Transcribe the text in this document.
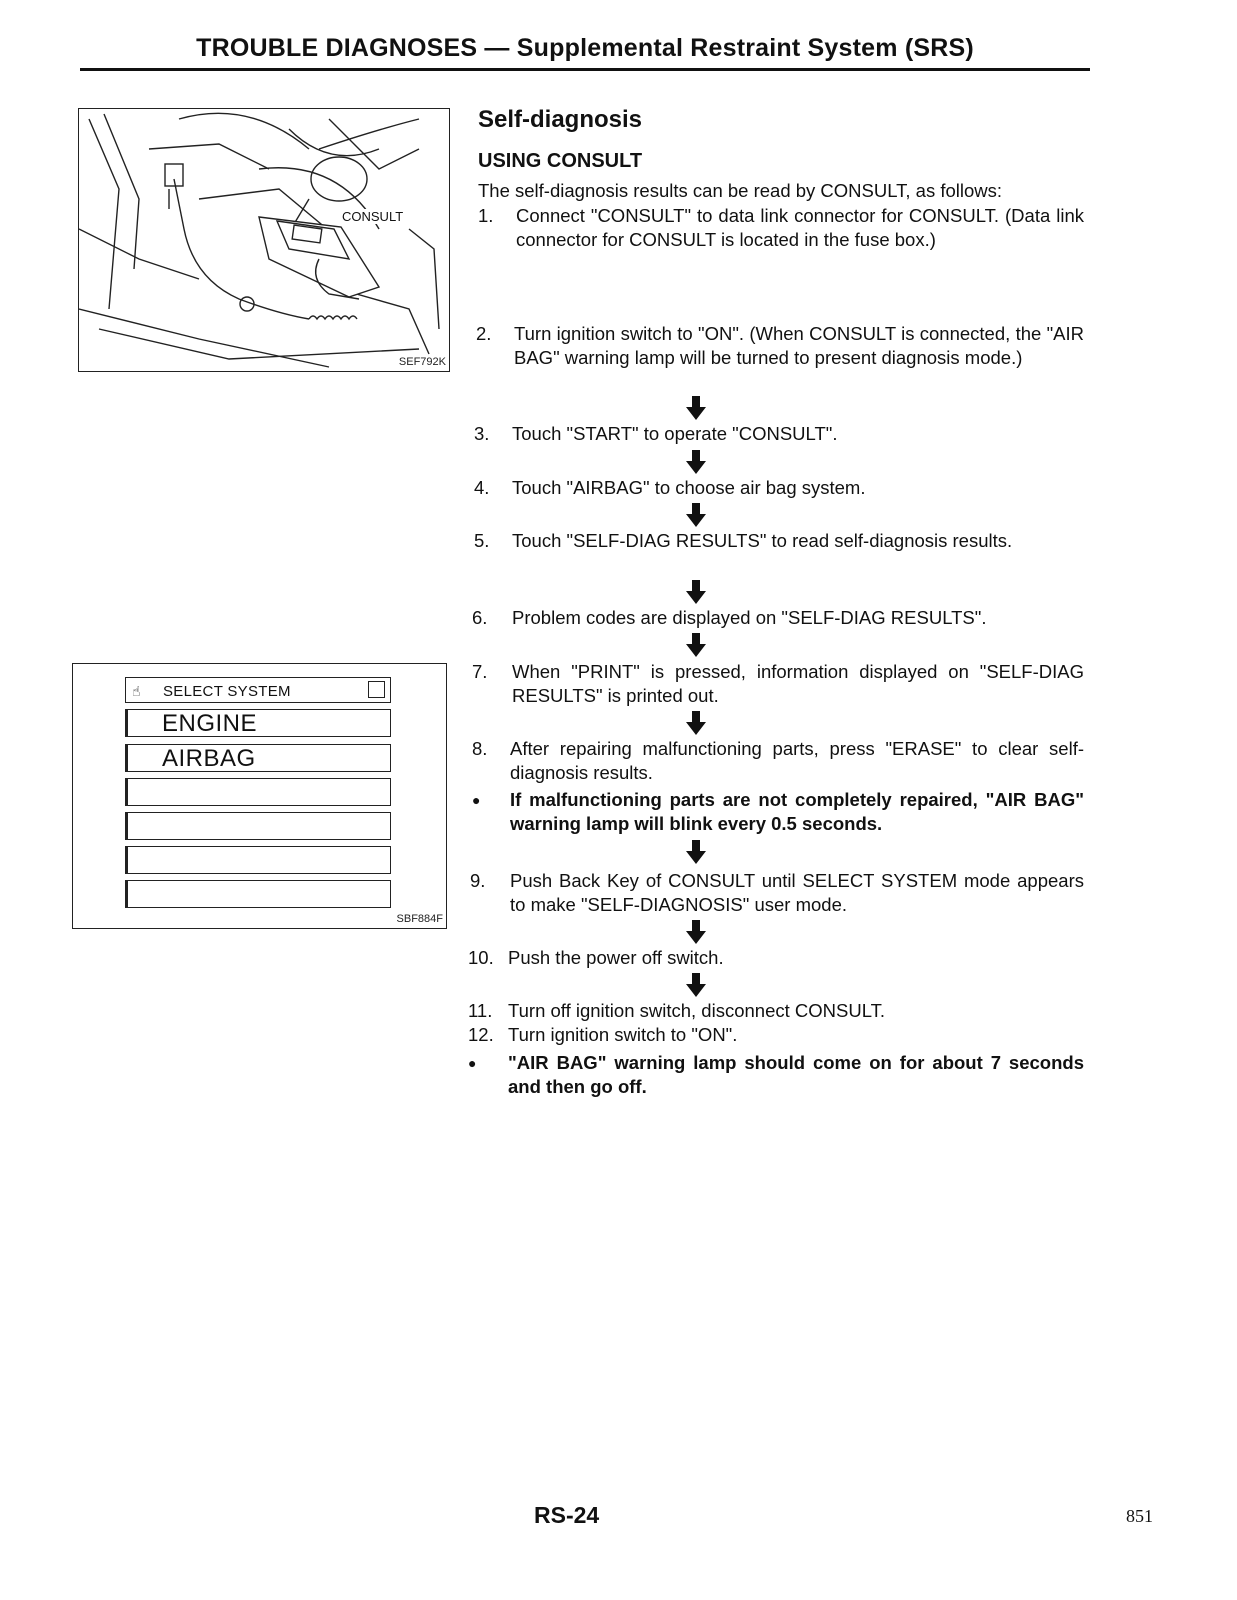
TROUBLE DIAGNOSES — Supplemental Restraint System (SRS)
CONSULT
SEF792K
☝ SELECT SYSTEM
ENGINE
AIRBAG
SBF884F
Self-diagnosis
USING CONSULT
The self-diagnosis results can be read by CONSULT, as follows:
1.	Connect "CONSULT" to data link connector for CONSULT. (Data link connector for CONSULT is located in the fuse box.)
2.	Turn ignition switch to "ON". (When CONSULT is connected, the "AIR BAG" warning lamp will be turned to present diagnosis mode.)
3.	Touch "START" to operate "CONSULT".
4.	Touch "AIRBAG" to choose air bag system.
5.	Touch "SELF-DIAG RESULTS" to read self-diagnosis results.
6.	Problem codes are displayed on "SELF-DIAG RESULTS".
7.	When "PRINT" is pressed, information displayed on "SELF-DIAG RESULTS" is printed out.
8.	After repairing malfunctioning parts, press "ERASE" to clear self-diagnosis results.
●	If malfunctioning parts are not completely repaired, "AIR BAG" warning lamp will blink every 0.5 seconds.
9.	Push Back Key of CONSULT until SELECT SYSTEM mode appears to make "SELF-DIAGNOSIS" user mode.
10. Push the power off switch.
11. Turn off ignition switch, disconnect CONSULT.
12. Turn ignition switch to "ON".
●	"AIR BAG" warning lamp should come on for about 7 seconds and then go off.
RS-24	851
